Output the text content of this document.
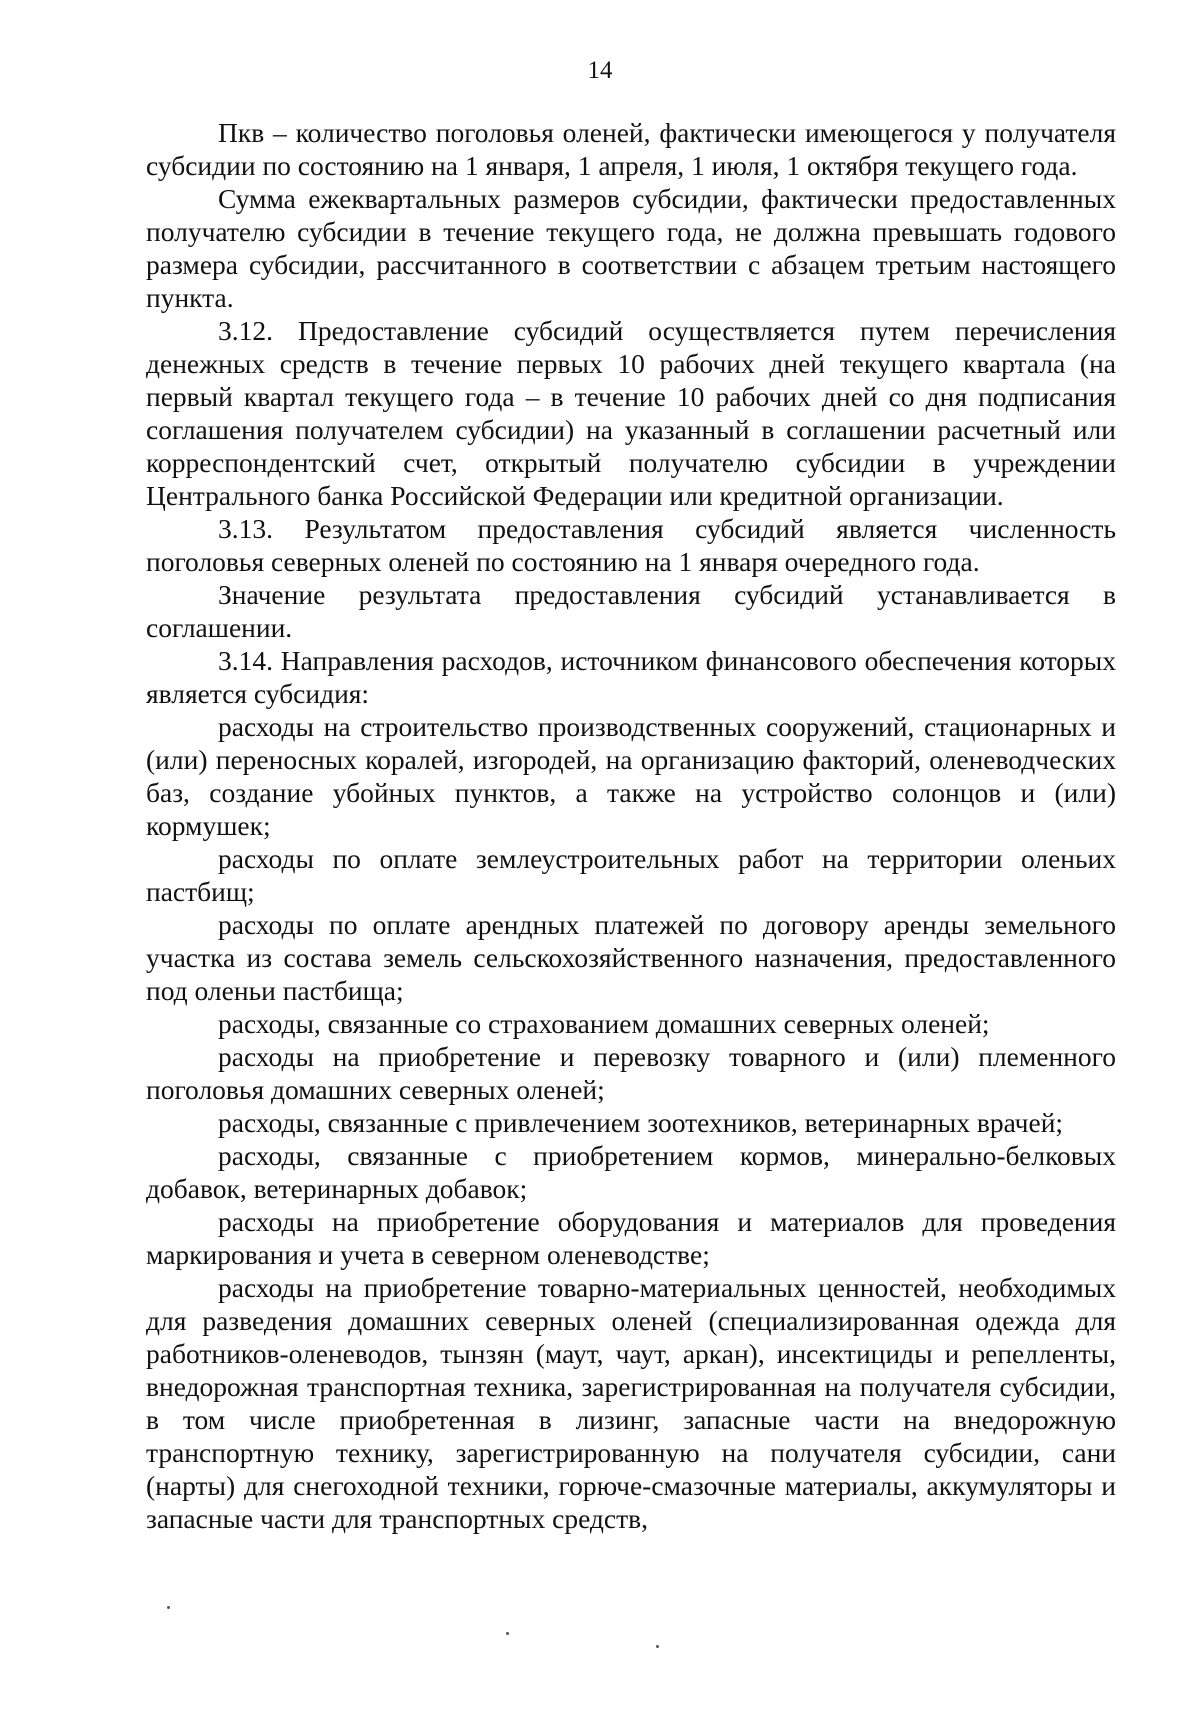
14

Пкв – количество поголовья оленей, фактически имеющегося у получателя субсидии по состоянию на 1 января, 1 апреля, 1 июля, 1 октября текущего года.

Сумма ежеквартальных размеров субсидии, фактически предоставленных получателю субсидии в течение текущего года, не должна превышать годового размера субсидии, рассчитанного в соответствии с абзацем третьим настоящего пункта.

3.12. Предоставление субсидий осуществляется путем перечисления денежных средств в течение первых 10 рабочих дней текущего квартала (на первый квартал текущего года – в течение 10 рабочих дней со дня подписания соглашения получателем субсидии) на указанный в соглашении расчетный или корреспондентский счет, открытый получателю субсидии в учреждении Центрального банка Российской Федерации или кредитной организации.

3.13. Результатом предоставления субсидий является численность поголовья северных оленей по состоянию на 1 января очередного года.

Значение результата предоставления субсидий устанавливается в соглашении.

3.14. Направления расходов, источником финансового обеспечения которых является субсидия:

расходы на строительство производственных сооружений, стационарных и (или) переносных коралей, изгородей, на организацию факторий, оленеводческих баз, создание убойных пунктов, а также на устройство солонцов и (или) кормушек;

расходы по оплате землеустроительных работ на территории оленьих пастбищ;

расходы по оплате арендных платежей по договору аренды земельного участка из состава земель сельскохозяйственного назначения, предоставленного под оленьи пастбища;

расходы, связанные со страхованием домашних северных оленей;

расходы на приобретение и перевозку товарного и (или) племенного поголовья домашних северных оленей;

расходы, связанные с привлечением зоотехников, ветеринарных врачей;

расходы, связанные с приобретением кормов, минерально-белковых добавок, ветеринарных добавок;

расходы на приобретение оборудования и материалов для проведения маркирования и учета в северном оленеводстве;

расходы на приобретение товарно-материальных ценностей, необходимых для разведения домашних северных оленей (специализированная одежда для работников-оленеводов, тынзян (маут, чаут, аркан), инсектициды и репелленты, внедорожная транспортная техника, зарегистрированная на получателя субсидии, в том числе приобретенная в лизинг, запасные части на внедорожную транспортную технику, зарегистрированную на получателя субсидии, сани (нарты) для снегоходной техники, горюче-смазочные материалы, аккумуляторы и запасные части для транспортных средств,
